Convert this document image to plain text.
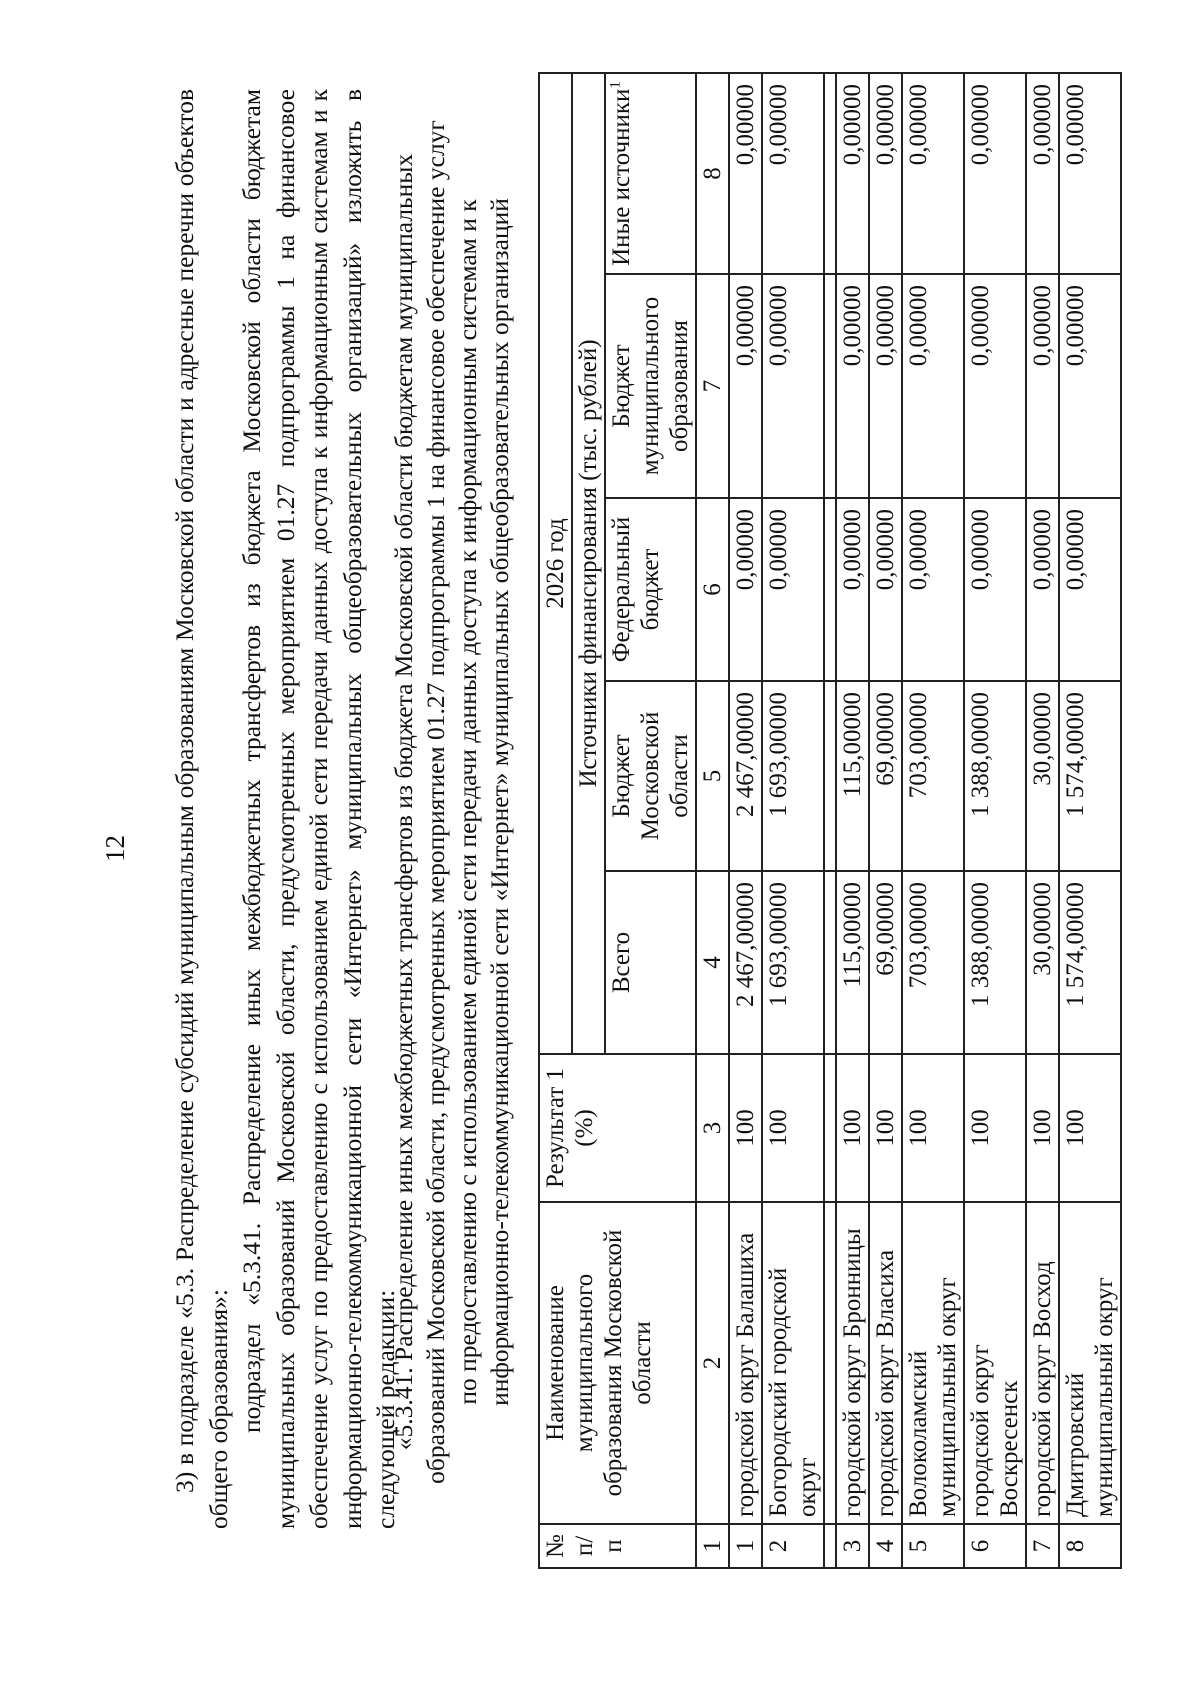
12 3) в подразделе «5.3. Распределение субсидий муниципальным образованиям Московской области и адресные перечни объектов общего образования»: подраздел «5.3.41. Распределение иных межбюджетных трансфертов из бюджета Московской области бюджетам муниципальных образований Московской области, предусмотренных мероприятием 01.27 подпрограммы 1 на финансовое обеспечение услуг по предоставлению с использованием единой сети передачи данных доступа к информационным системам и к информационно-телекоммуникационной сети «Интернет» муниципальных общеобразовательных организаций» изложить в следующей редакции:

«5.3.41. Распределение иных межбюджетных трансфертов из бюджета Московской области бюджетам муниципальных образований Московской области, предусмотренных мероприятием 01.27 подпрограммы 1 на финансовое обеспечение услуг по предоставлению с использованием единой сети передачи данных доступа к информационным системам и к информационно-телекоммуникационной сети «Интернет» муниципальных общеобразовательных организаций
№ п/п	Наименование муниципального образования Московской области	Результат 1 (%)	2026 год				
			Источники финансирования (тыс. рублей)				
			Всего	Бюджет Московской области	Федеральный бюджет	Бюджет муниципального образования	Иные источники$^1$
1	2	3	4	5	6	7	8
1	городской округ Балашиха	100	2 467,00000	2 467,00000	0,00000	0,00000	0,00000
2	Богородский городской округ	100	1 693,00000	1 693,00000	0,00000	0,00000	0,00000

3	городской округ Бронницы	100	115,00000	115,00000	0,00000	0,00000	0,00000
4	городской округ Власиха	100	69,00000	69,00000	0,00000	0,00000	0,00000
5	Волоколамский муниципальный округ	100	703,00000	703,00000	0,00000	0,00000	0,00000
6	городской округ Воскресенск	100	1 388,00000	1 388,00000	0,00000	0,00000	0,00000
7	городской округ Восход	100	30,00000	30,00000	0,00000	0,00000	0,00000
8	Дмитровский муниципальный округ	100	1 574,00000	1 574,00000	0,00000	0,00000	0,00000
